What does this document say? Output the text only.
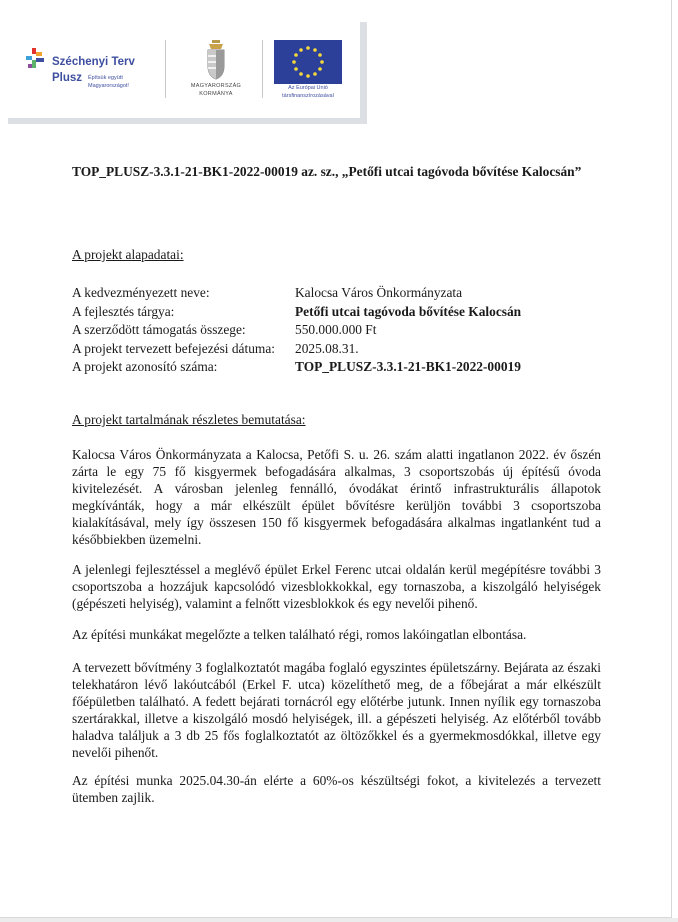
Széchenyi Terv
Plusz Építsük együtt Magyarországot!	MAGYARORSZÁG KORMÁNYA
Az Európai Unió társfinanszírozásával
TOP_PLUSZ-3.3.1-21-BK1-2022-00019 az. sz., „Petőfi utcai tagóvoda bővítése Kalocsán”
A projekt alapadatai:
A kedvezményezett neve:	Kalocsa Város Önkormányzata
A fejlesztés tárgya:	Petőfi utcai tagóvoda bővítése Kalocsán
A szerződött támogatás összege:	550.000.000 Ft
A projekt tervezett befejezési dátuma: 2025.08.31.
A projekt azonosító száma:	TOP_PLUSZ-3.3.1-21-BK1-2022-00019
A projekt tartalmának részletes bemutatása:
Kalocsa Város Önkormányzata a Kalocsa, Petőfi S. u. 26. szám alatti ingatlanon 2022. év őszén zárta le egy 75 fő kisgyermek befogadására alkalmas, 3 csoportszobás új építésű óvoda kivitelezését. A városban jelenleg fennálló, óvodákat érintő infrastrukturális állapotok megkívánták, hogy a már elkészült épület bővítésre kerüljön további 3 csoportszoba kialakításával, mely így összesen 150 fő kisgyermek befogadására alkalmas ingatlanként tud a későbbiekben üzemelni.
A jelenlegi fejlesztéssel a meglévő épület Erkel Ferenc utcai oldalán kerül megépítésre további 3 csoportszoba a hozzájuk kapcsolódó vizesblokkokkal, egy tornaszoba, a kiszolgáló helyiségek (gépészeti helyiség), valamint a felnőtt vizesblokkok és egy nevelői pihenő.
Az építési munkákat megelőzte a telken található régi, romos lakóingatlan elbontása.
A tervezett bővítmény 3 foglalkoztatót magába foglaló egyszintes épületszárny. Bejárata az északi telekhatáron lévő lakóutcából (Erkel F. utca) közelíthető meg, de a főbejárat a már elkészült főépületben található. A fedett bejárati tornácról egy előtérbe jutunk. Innen nyílik egy tornaszoba szertárakkal, illetve a kiszolgáló mosdó helyiségek, ill. a gépészeti helyiség. Az előtérből tovább haladva találjuk a 3 db 25 fős foglalkoztatót az öltözőkkel és a gyermekmosdókkal, illetve egy nevelői pihenőt.
Az építési munka 2025.04.30-án elérte a 60%-os készültségi fokot, a kivitelezés a tervezett ütemben zajlik.
